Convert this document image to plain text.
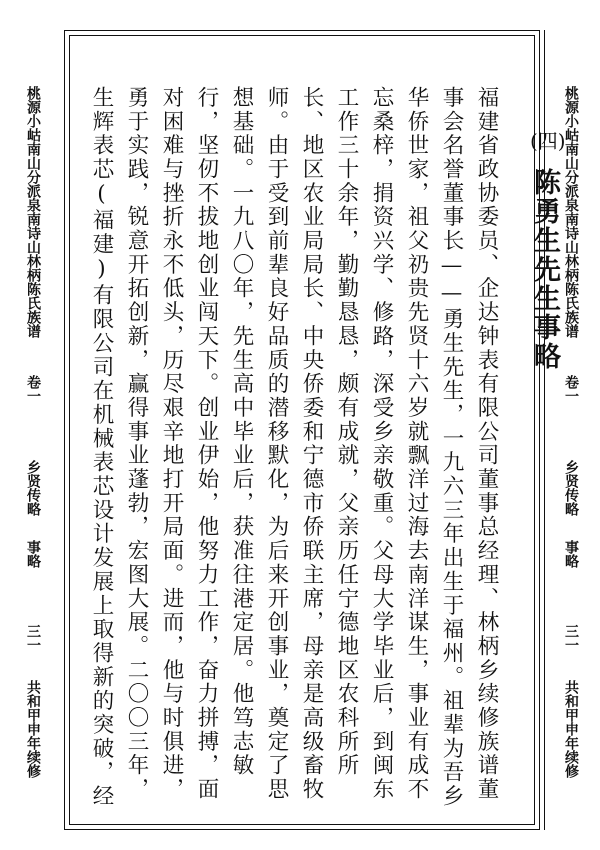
桃源小岵南山分派泉南诗山林柄陈氏族谱
卷一
乡贤传略
事略
三一
共和甲申年续修
桃源小岵南山分派泉南诗山林柄陈氏族谱
卷一
乡贤传略
事略
三一
共和甲申年续修
(四)
陈勇生先生事略

福建省政协委员、企达钟表有限公司董事总经理、林柄乡续修族谱董事会名誉董事长——勇生先生，一九六三年出生于福州。祖辈为吾乡华侨世家，祖父礽贵先贤十六岁就飘洋过海去南洋谋生，事业有成不忘桑梓，捐资兴学、修路，深受乡亲敬重。父母大学毕业后，到闽东工作三十余年，勤勤恳恳，颇有成就，父亲历任宁德地区农科所所长、地区农业局局长、中央侨委和宁德市侨联主席，母亲是高级畜牧师。由于受到前辈良好品质的潜移默化，为后来开创事业，奠定了思想基础。一九八〇年，先生高中毕业后，获准往港定居。他笃志敏行，坚仞不拔地创业闯天下。创业伊始，他努力工作，奋力拼搏，面对困难与挫折永不低头，历尽艰辛地打开局面。进而，他与时俱进，勇于实践，锐意开拓创新，赢得事业蓬勃，宏图大展。二〇〇三年，生辉表芯(福建)有限公司在机械表芯设计发展上取得新的突破，经
